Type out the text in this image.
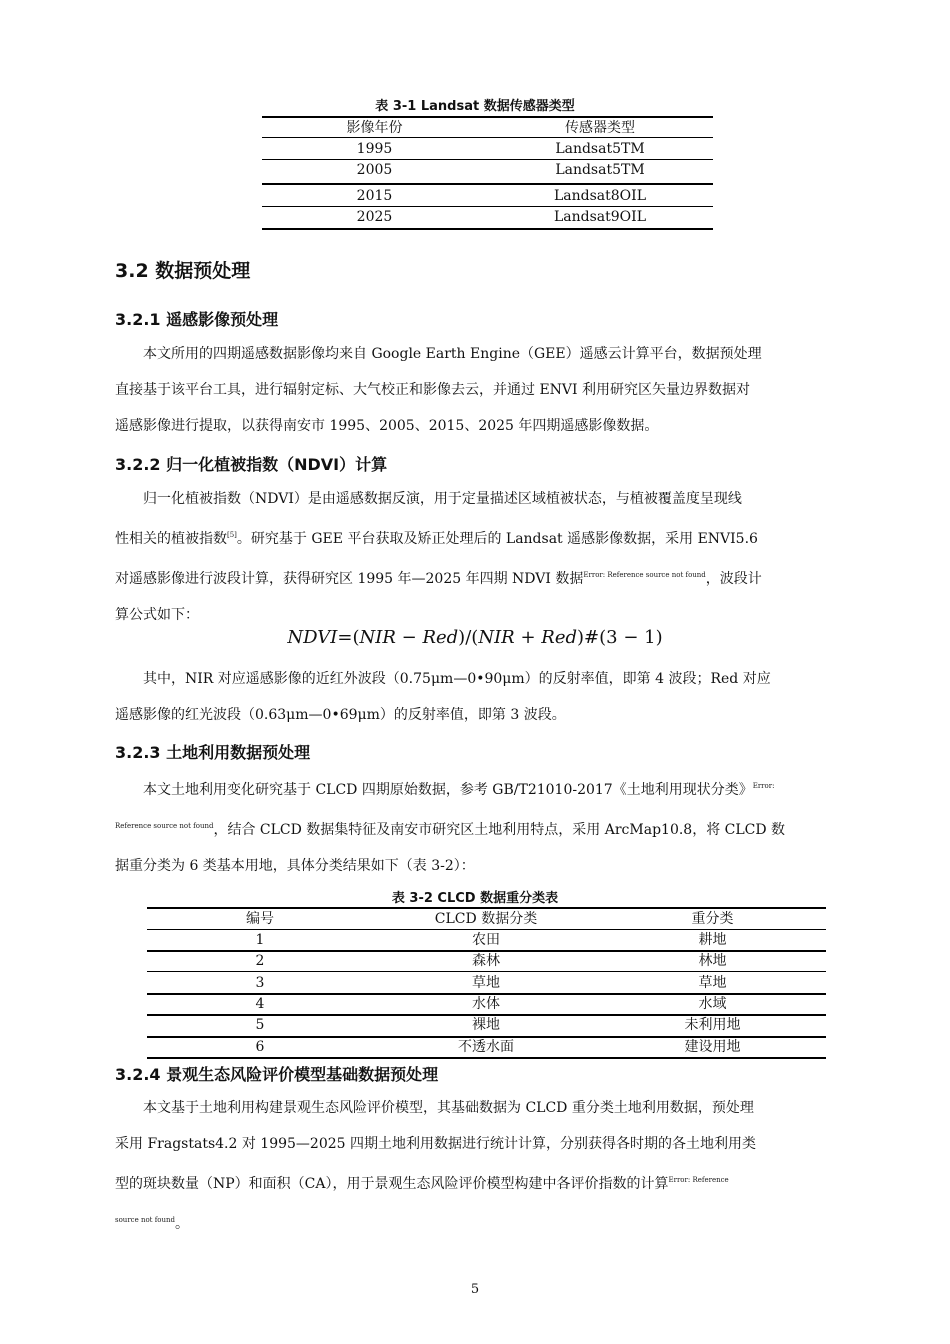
表 3-1 Landsat 数据传感器类型
影像年份	传感器类型
1995	Landsat5TM
2005	Landsat5TM
2015	Landsat8OIL
2025	Landsat9OIL
3.2 数据预处理
3.2.1 遥感影像预处理
本文所用的四期遥感数据影像均来自 Google Earth Engine（GEE）遥感云计算平台，数据预处理
直接基于该平台工具，进行辐射定标、大气校正和影像去云，并通过 ENVI 利用研究区矢量边界数据对
遥感影像进行提取，以获得南安市 1995、2005、2015、2025 年四期遥感影像数据。
3.2.2 归一化植被指数（NDVI）计算
归一化植被指数（NDVI）是由遥感数据反演，用于定量描述区域植被状态，与植被覆盖度呈现线
性相关的植被指数[5]。研究基于 GEE 平台获取及矫正处理后的 Landsat 遥感影像数据，采用 ENVI5.6
对遥感影像进行波段计算，获得研究区 1995 年—2025 年四期 NDVI 数据$^{Error: Reference source not found}$，波段计
算公式如下：
NDVI=(NIR − Red)/(NIR + Red)#(3 − 1)
其中，NIR 对应遥感影像的近红外波段（0.75μm—0•90μm）的反射率值，即第 4 波段；Red 对应
遥感影像的红光波段（0.63μm—0•69μm）的反射率值，即第 3 波段。
3.2.3 土地利用数据预处理
本文土地利用变化研究基于 CLCD 四期原始数据，参考 GB/T21010-2017《土地利用现状分类》$^{Error:}$
$^{Reference source not found}$，结合 CLCD 数据集特征及南安市研究区土地利用特点，采用 ArcMap10.8，将 CLCD 数
据重分类为 6 类基本用地，具体分类结果如下（表 3-2）：
表 3-2 CLCD 数据重分类表
编号	CLCD 数据分类	重分类
1	农田	耕地
2	森林	林地
3	草地	草地
4	水体	水域
5	裸地	未利用地
6	不透水面	建设用地
3.2.4 景观生态风险评价模型基础数据预处理
本文基于土地利用构建景观生态风险评价模型，其基础数据为 CLCD 重分类土地利用数据，预处理
采用 Fragstats4.2 对 1995—2025 四期土地利用数据进行统计计算，分别获得各时期的各土地利用类
型的斑块数量（NP）和面积（CA），用于景观生态风险评价模型构建中各评价指数的计算$^{Error: Reference}$
$^{source not found}$。
5
